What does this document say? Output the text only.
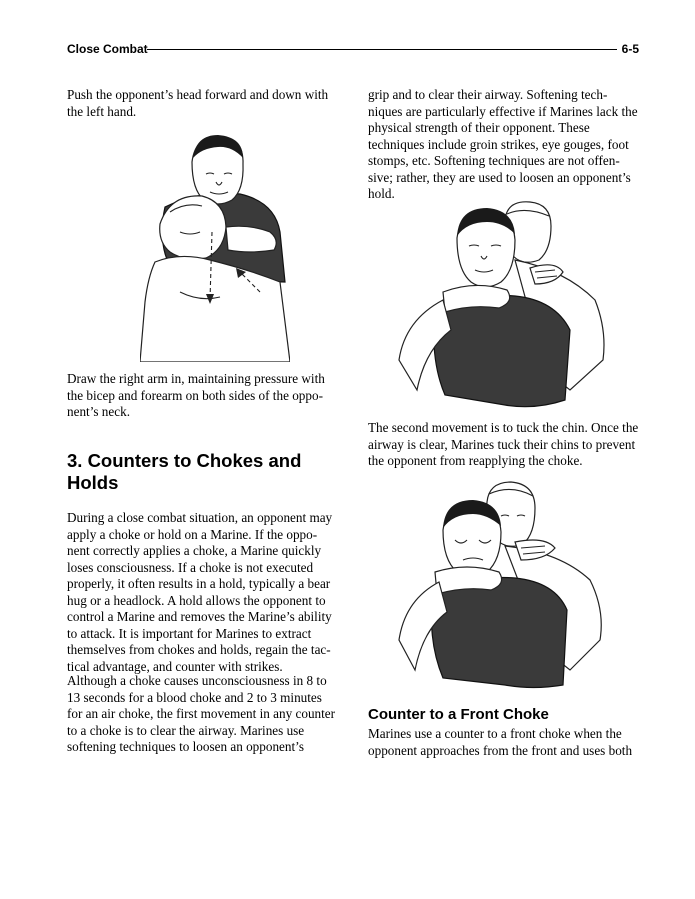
Close Combat	6-5

Push the opponent’s head forward and down with the left hand.

Draw the right arm in, maintaining pressure with the bicep and forearm on both sides of the oppo-nent’s neck.

3. Counters to Chokes and Holds

During a close combat situation, an opponent may apply a choke or hold on a Marine. If the oppo-nent correctly applies a choke, a Marine quickly loses consciousness. If a choke is not executed properly, it often results in a hold, typically a bear hug or a headlock. A hold allows the opponent to control a Marine and removes the Marine’s ability to attack. It is important for Marines to extract themselves from chokes and holds, regain the tac-tical advantage, and counter with strikes.

Although a choke causes unconsciousness in 8 to 13 seconds for a blood choke and 2 to 3 minutes for an air choke, the first movement in any counter to a choke is to clear the airway. Marines use softening techniques to loosen an opponent’s

grip and to clear their airway. Softening tech-niques are particularly effective if Marines lack the physical strength of their opponent. These techniques include groin strikes, eye gouges, foot stomps, etc. Softening techniques are not offen-sive; rather, they are used to loosen an opponent’s hold.

The second movement is to tuck the chin. Once the airway is clear, Marines tuck their chins to prevent the opponent from reapplying the choke.

Counter to a Front Choke

Marines use a counter to a front choke when the opponent approaches from the front and uses both
